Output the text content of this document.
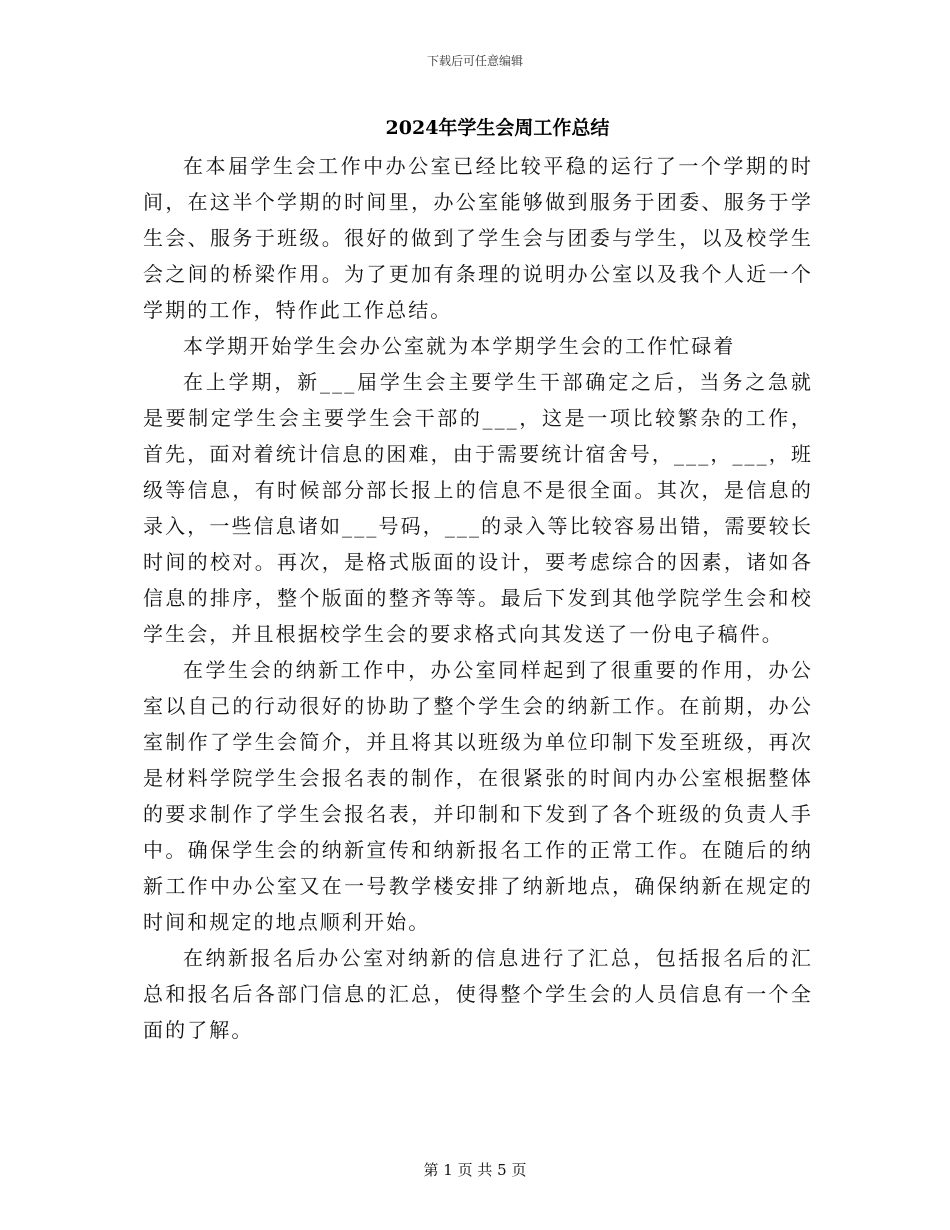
下载后可任意编辑
2024年学生会周工作总结

在本届学生会工作中办公室已经比较平稳的运行了一个学期的时间，在这半个学期的时间里，办公室能够做到服务于团委、服务于学生会、服务于班级。很好的做到了学生会与团委与学生，以及校学生会之间的桥梁作用。为了更加有条理的说明办公室以及我个人近一个学期的工作，特作此工作总结。

本学期开始学生会办公室就为本学期学生会的工作忙碌着

在上学期，新___届学生会主要学生干部确定之后，当务之急就是要制定学生会主要学生会干部的___，这是一项比较繁杂的工作，首先，面对着统计信息的困难，由于需要统计宿舍号，___，___，班级等信息，有时候部分部长报上的信息不是很全面。其次，是信息的录入，一些信息诸如___号码，___的录入等比较容易出错，需要较长时间的校对。再次，是格式版面的设计，要考虑综合的因素，诸如各信息的排序，整个版面的整齐等等。最后下发到其他学院学生会和校学生会，并且根据校学生会的要求格式向其发送了一份电子稿件。

在学生会的纳新工作中，办公室同样起到了很重要的作用，办公室以自己的行动很好的协助了整个学生会的纳新工作。在前期，办公室制作了学生会简介，并且将其以班级为单位印制下发至班级，再次是材料学院学生会报名表的制作，在很紧张的时间内办公室根据整体的要求制作了学生会报名表，并印制和下发到了各个班级的负责人手中。确保学生会的纳新宣传和纳新报名工作的正常工作。在随后的纳新工作中办公室又在一号教学楼安排了纳新地点，确保纳新在规定的时间和规定的地点顺利开始。

在纳新报名后办公室对纳新的信息进行了汇总，包括报名后的汇总和报名后各部门信息的汇总，使得整个学生会的人员信息有一个全面的了解。

第 1 页 共 5 页
